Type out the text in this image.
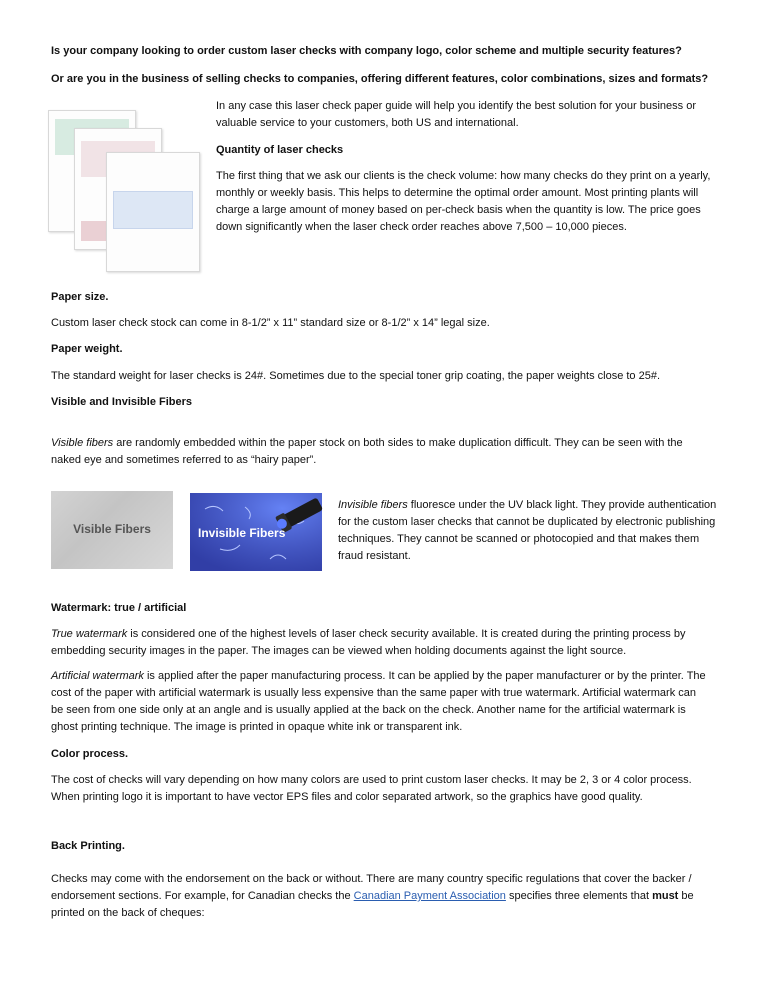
Is your company looking to order custom laser checks with company logo, color scheme and multiple security features?

Or are you in the business of selling checks to companies, offering different features, color combinations, sizes and formats?

In any case this laser check paper guide will help you identify the best solution for your business or valuable service to your customers, both US and international.

Quantity of laser checks

The first thing that we ask our clients is the check volume: how many checks do they print on a yearly, monthly or weekly basis. This helps to determine the optimal order amount. Most printing plants will charge a large amount of money based on per-check basis when the quantity is low. The price goes down significantly when the laser check order reaches above 7,500 – 10,000 pieces.

Paper size.

Custom laser check stock can come in 8-1/2” x 11” standard size or 8-1/2” x 14” legal size.

Paper weight.

The standard weight for laser checks is 24#. Sometimes due to the special toner grip coating, the paper weights close to 25#.

Visible and Invisible Fibers

Visible fibers are randomly embedded within the paper stock on both sides to make duplication difficult. They can be seen with the naked eye and sometimes referred to as “hairy paper”.

Visible Fibers	Invisible Fibers

Invisible fibers fluoresce under the UV black light. They provide authentication for the custom laser checks that cannot be duplicated by electronic publishing techniques. They cannot be scanned or photocopied and that makes them fraud resistant.

Watermark: true / artificial

True watermark is considered one of the highest levels of laser check security available. It is created during the printing process by embedding security images in the paper. The images can be viewed when holding documents against the light source.

Artificial watermark is applied after the paper manufacturing process. It can be applied by the paper manufacturer or by the printer. The cost of the paper with artificial watermark is usually less expensive than the same paper with true watermark. Artificial watermark can be seen from one side only at an angle and is usually applied at the back on the check. Another name for the artificial watermark is ghost printing technique. The image is printed in opaque white ink or transparent ink.

Color process.

The cost of checks will vary depending on how many colors are used to print custom laser checks. It may be 2, 3 or 4 color process. When printing logo it is important to have vector EPS files and color separated artwork, so the graphics have good quality.

Back Printing.

Checks may come with the endorsement on the back or without. There are many country specific regulations that cover the backer / endorsement sections. For example, for Canadian checks the Canadian Payment Association specifies three elements that must be printed on the back of cheques:
